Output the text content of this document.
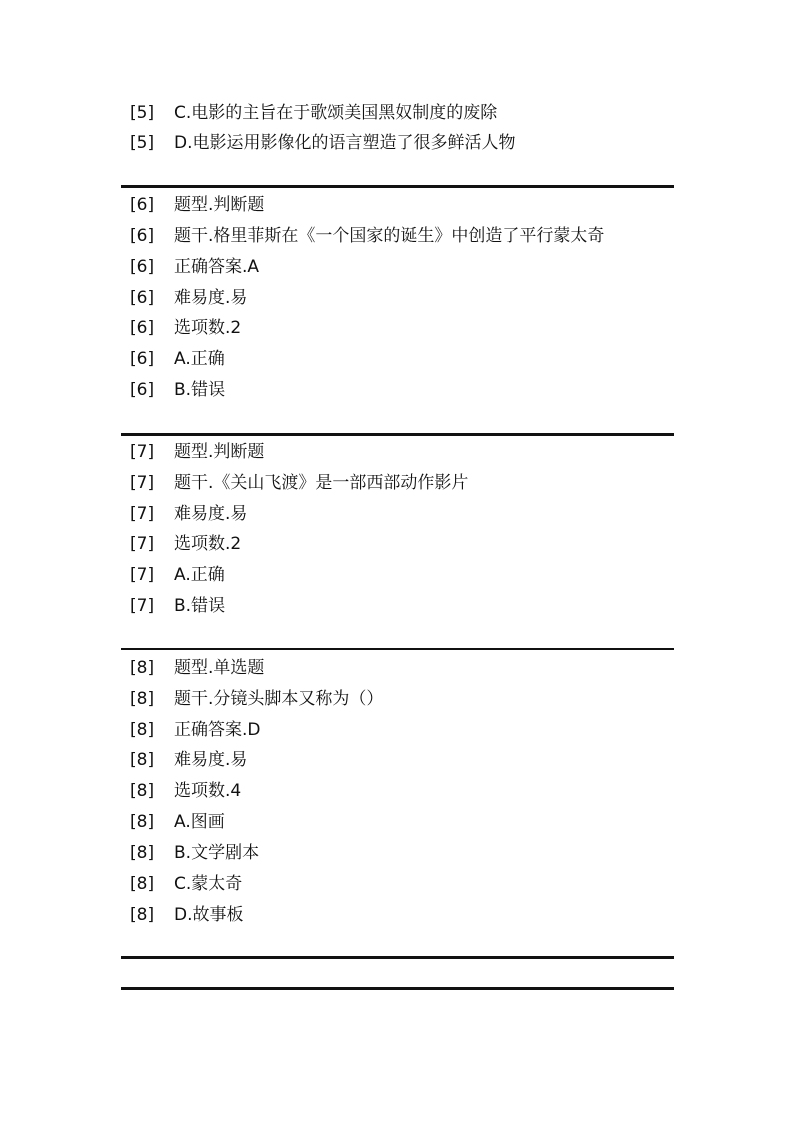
[5] C.电影的主旨在于歌颂美国黑奴制度的废除
[5] D.电影运用影像化的语言塑造了很多鲜活人物
[6] 题型.判断题
[6] 题干.格里菲斯在《一个国家的诞生》中创造了平行蒙太奇
[6] 正确答案.A
[6] 难易度.易
[6] 选项数.2
[6] A.正确
[6] B.错误
[7] 题型.判断题
[7] 题干.《关山飞渡》是一部西部动作影片
[7] 难易度.易
[7] 选项数.2
[7] A.正确
[7] B.错误
[8] 题型.单选题
[8] 题干.分镜头脚本又称为（）
[8] 正确答案.D
[8] 难易度.易
[8] 选项数.4
[8] A.图画
[8] B.文学剧本
[8] C.蒙太奇
[8] D.故事板
